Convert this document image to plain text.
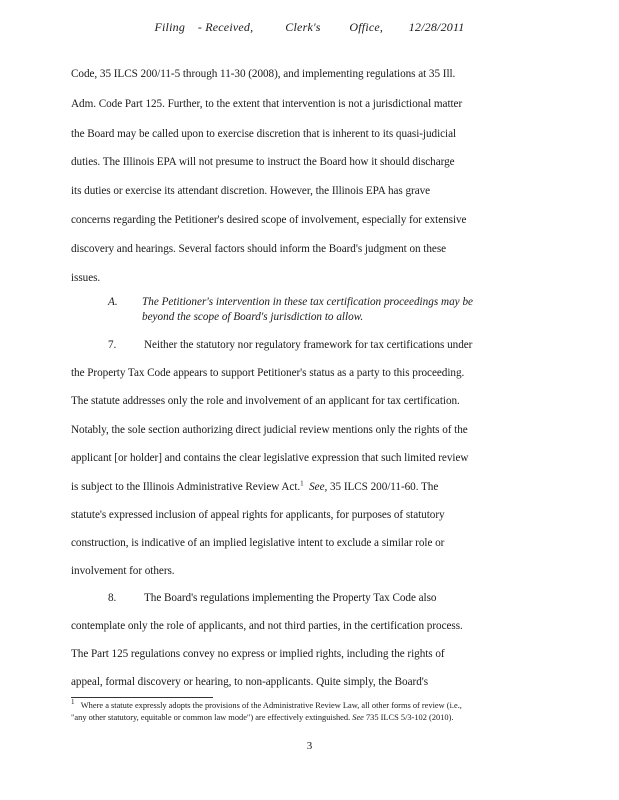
Filing    - Received,          Clerk's         Office,        12/28/2011
Code, 35 ILCS 200/11-5 through 11-30 (2008), and implementing regulations at 35 Ill.
Adm. Code Part 125. Further, to the extent that intervention is not a jurisdictional matter
the Board may be called upon to exercise discretion that is inherent to its quasi-judicial
duties. The Illinois EPA will not presume to instruct the Board how it should discharge
its duties or exercise its attendant discretion. However, the Illinois EPA has grave
concerns regarding the Petitioner's desired scope of involvement, especially for extensive
discovery and hearings. Several factors should inform the Board's judgment on these
issues.
A. The Petitioner's intervention in these tax certification proceedings may be
beyond the scope of Board's jurisdiction to allow.
7. Neither the statutory nor regulatory framework for tax certifications under
the Property Tax Code appears to support Petitioner's status as a party to this proceeding.
The statute addresses only the role and involvement of an applicant for tax certification.
Notably, the sole section authorizing direct judicial review mentions only the rights of the
applicant [or holder] and contains the clear legislative expression that such limited review
is subject to the Illinois Administrative Review Act.$^1$ See, 35 ILCS 200/11-60. The
statute's expressed inclusion of appeal rights for applicants, for purposes of statutory
construction, is indicative of an implied legislative intent to exclude a similar role or
involvement for others.
8. The Board's regulations implementing the Property Tax Code also
contemplate only the role of applicants, and not third parties, in the certification process.
The Part 125 regulations convey no express or implied rights, including the rights of
appeal, formal discovery or hearing, to non-applicants. Quite simply, the Board's
$^1$ Where a statute expressly adopts the provisions of the Administrative Review Law, all other forms of review (i.e.,
"any other statutory, equitable or common law mode") are effectively extinguished. See 735 ILCS 5/3-102 (2010).
3
